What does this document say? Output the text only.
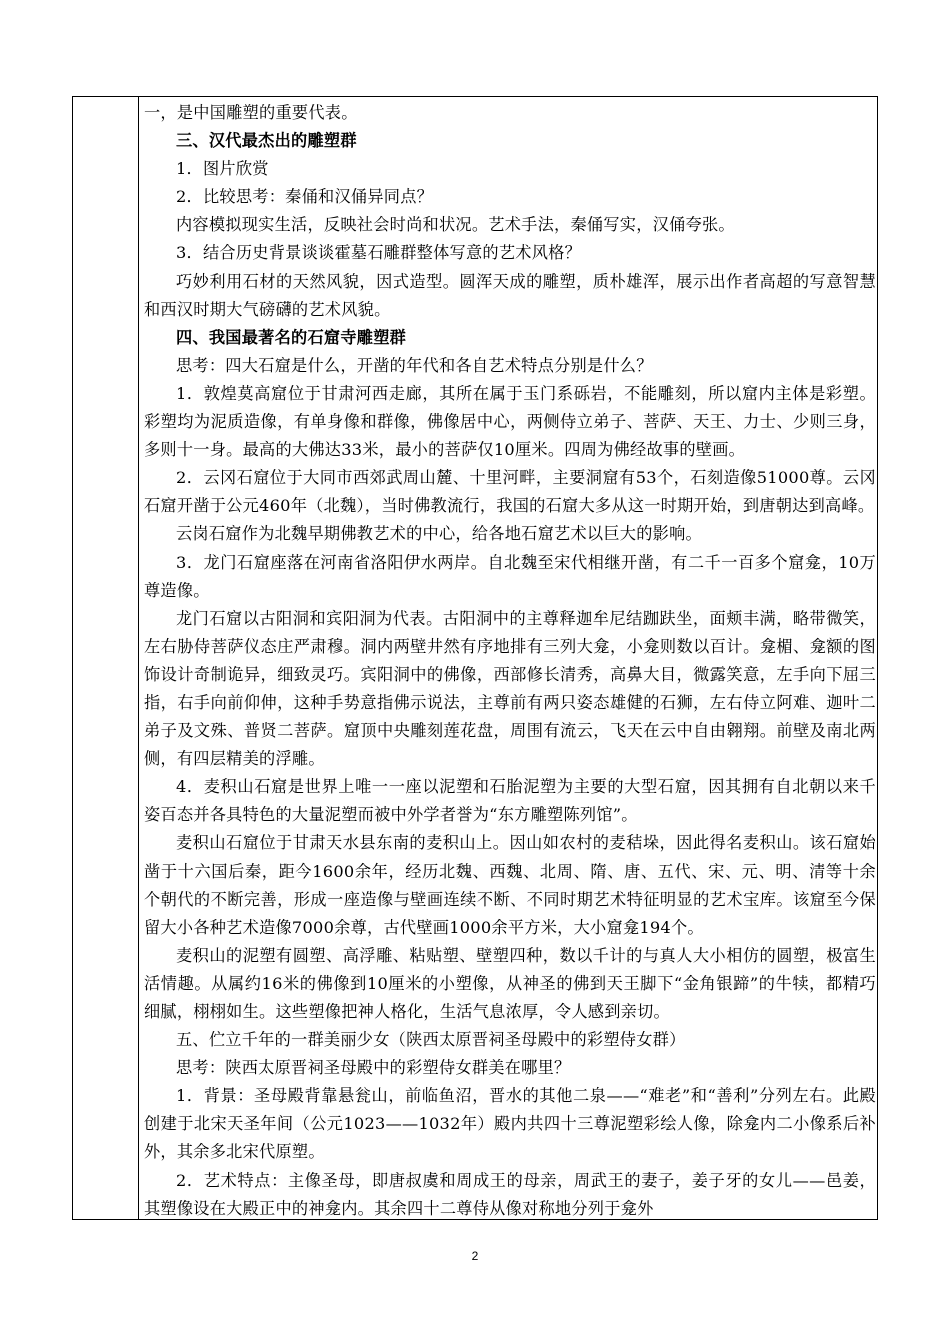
一，是中国雕塑的重要代表。

三、汉代最杰出的雕塑群

1．图片欣赏

2．比较思考：秦俑和汉俑异同点？

内容模拟现实生活，反映社会时尚和状况。艺术手法，秦俑写实，汉俑夸张。

3．结合历史背景谈谈霍墓石雕群整体写意的艺术风格？

巧妙利用石材的天然风貌，因式造型。圆浑天成的雕塑，质朴雄浑，展示出作者高超的写意智慧和西汉时期大气磅礴的艺术风貌。

四、我国最著名的石窟寺雕塑群

思考：四大石窟是什么，开凿的年代和各自艺术特点分别是什么？

1．敦煌莫高窟位于甘肃河西走廊，其所在属于玉门系砾岩，不能雕刻，所以窟内主体是彩塑。彩塑均为泥质造像，有单身像和群像，佛像居中心，两侧侍立弟子、菩萨、天王、力士、少则三身，多则十一身。最高的大佛达33米，最小的菩萨仅10厘米。四周为佛经故事的壁画。

2．云冈石窟位于大同市西郊武周山麓、十里河畔，主要洞窟有53个，石刻造像51000尊。云冈石窟开凿于公元460年（北魏），当时佛教流行，我国的石窟大多从这一时期开始，到唐朝达到高峰。

云岗石窟作为北魏早期佛教艺术的中心，给各地石窟艺术以巨大的影响。

3．龙门石窟座落在河南省洛阳伊水两岸。自北魏至宋代相继开凿，有二千一百多个窟龛，10万尊造像。

龙门石窟以古阳洞和宾阳洞为代表。古阳洞中的主尊释迦牟尼结跏趺坐，面颊丰满，略带微笑，左右胁侍菩萨仪态庄严肃穆。洞内两壁井然有序地排有三列大龛，小龛则数以百计。龛楣、龛额的图饰设计奇制诡异，细致灵巧。宾阳洞中的佛像，西部修长清秀，高鼻大目，微露笑意，左手向下屈三指，右手向前仰伸，这种手势意指佛示说法，主尊前有两只姿态雄健的石狮，左右侍立阿难、迦叶二弟子及文殊、普贤二菩萨。窟顶中央雕刻莲花盘，周围有流云，飞天在云中自由翱翔。前壁及南北两侧，有四层精美的浮雕。

4．麦积山石窟是世界上唯一一座以泥塑和石胎泥塑为主要的大型石窟，因其拥有自北朝以来千姿百态并各具特色的大量泥塑而被中外学者誉为“东方雕塑陈列馆”。

麦积山石窟位于甘肃天水县东南的麦积山上。因山如农村的麦秸垛，因此得名麦积山。该石窟始凿于十六国后秦，距今1600余年，经历北魏、西魏、北周、隋、唐、五代、宋、元、明、清等十余个朝代的不断完善，形成一座造像与壁画连续不断、不同时期艺术特征明显的艺术宝库。该窟至今保留大小各种艺术造像7000余尊，古代壁画1000余平方米，大小窟龛194个。

麦积山的泥塑有圆塑、高浮雕、粘贴塑、壁塑四种，数以千计的与真人大小相仿的圆塑，极富生活情趣。从属约16米的佛像到10厘米的小塑像，从神圣的佛到天王脚下“金角银蹄”的牛犊，都精巧细腻，栩栩如生。这些塑像把神人格化，生活气息浓厚，令人感到亲切。

五、伫立千年的一群美丽少女（陕西太原晋祠圣母殿中的彩塑侍女群）

思考：陕西太原晋祠圣母殿中的彩塑侍女群美在哪里？

1．背景：圣母殿背靠悬瓮山，前临鱼沼，晋水的其他二泉——“难老”和“善利”分列左右。此殿创建于北宋天圣年间（公元1023——1032年）殿内共四十三尊泥塑彩绘人像，除龛内二小像系后补外，其余多北宋代原塑。

2．艺术特点：主像圣母，即唐叔虞和周成王的母亲，周武王的妻子，姜子牙的女儿——邑姜，其塑像设在大殿正中的神龛内。其余四十二尊侍从像对称地分列于龛外

2
